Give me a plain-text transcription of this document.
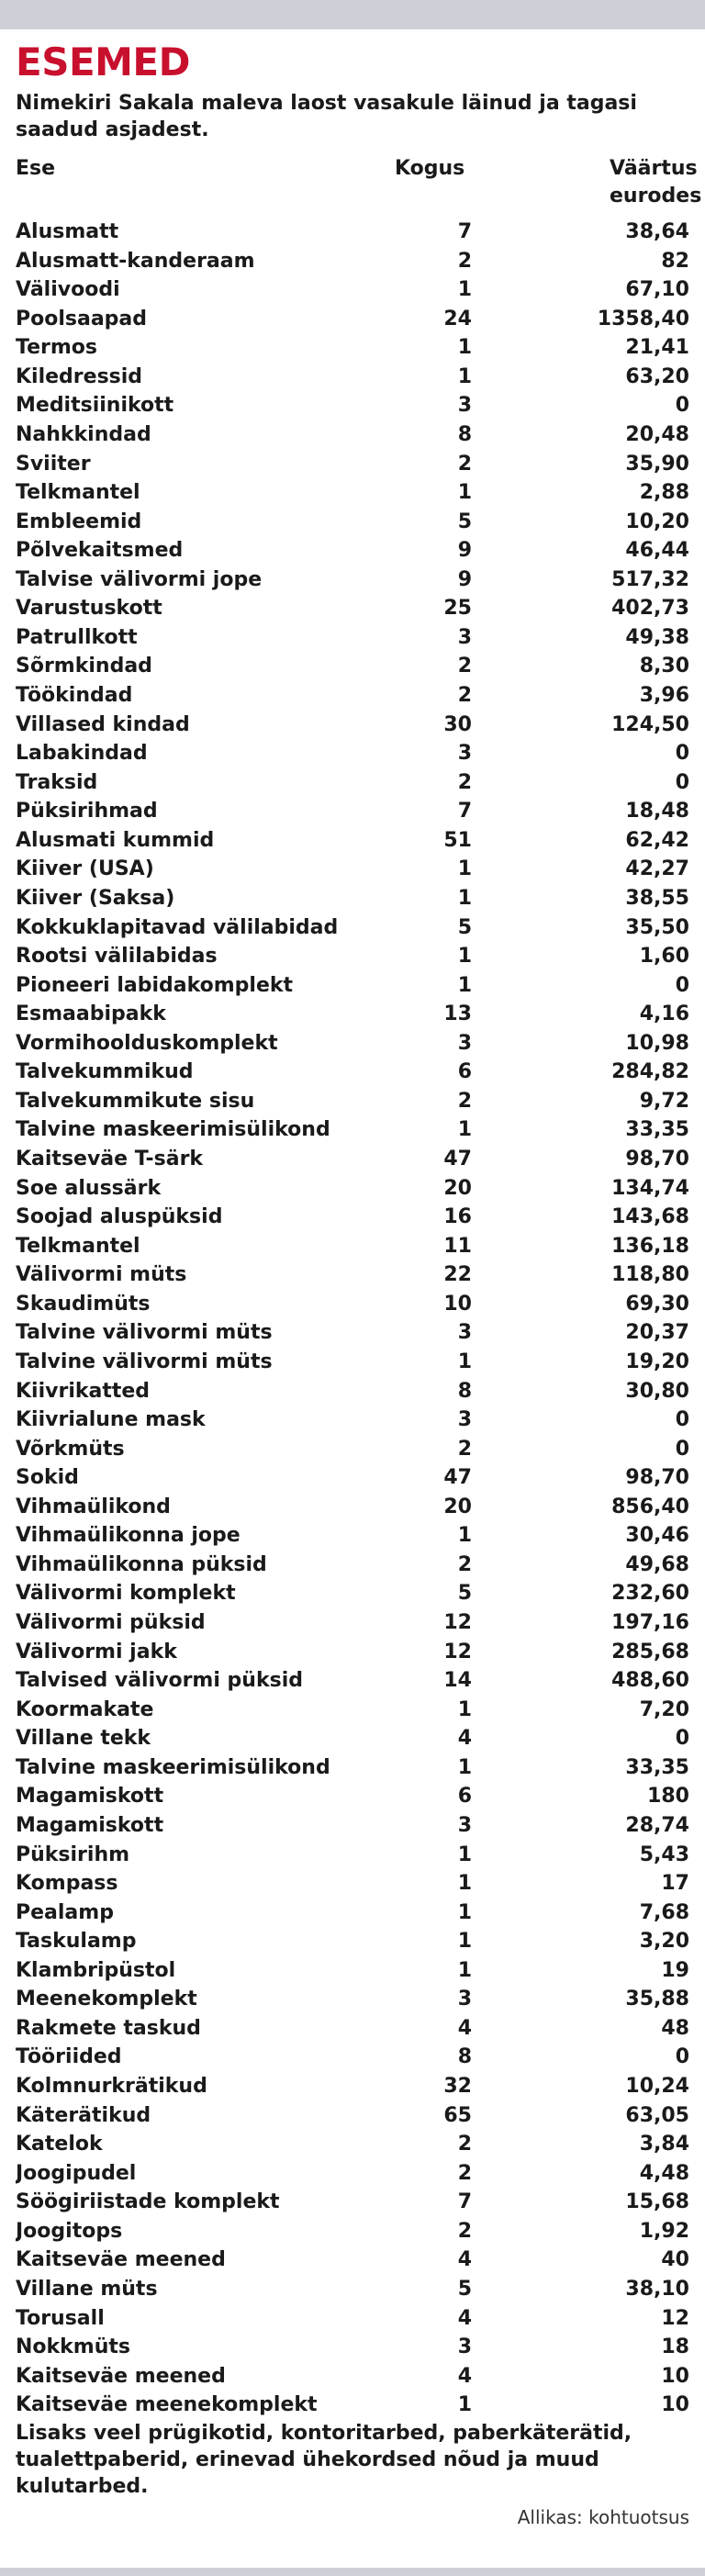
ESEMED
Nimekiri Sakala maleva laost vasakule läinud ja tagasi saadud asjadest.
Ese	Kogus	Väärtus
eurodes
Alusmatt	7	38,64
Alusmatt-kanderaam	2	82
Välivoodi	1	67,10
Poolsaapad	24	1358,40
Termos	1	21,41
Kiledressid	1	63,20
Meditsiinikott	3	0
Nahkkindad	8	20,48
Sviiter	2	35,90
Telkmantel	1	2,88
Embleemid	5	10,20
Põlvekaitsmed	9	46,44
Talvise välivormi jope	9	517,32
Varustuskott	25	402,73
Patrullkott	3	49,38
Sõrmkindad	2	8,30
Töökindad	2	3,96
Villased kindad	30	124,50
Labakindad	3	0
Traksid	2	0
Püksirihmad	7	18,48
Alusmati kummid	51	62,42
Kiiver (USA)	1	42,27
Kiiver (Saksa)	1	38,55
Kokkuklapitavad välilabidad	5	35,50
Rootsi välilabidas	1	1,60
Pioneeri labidakomplekt	1	0
Esmaabipakk	13	4,16
Vormihoolduskomplekt	3	10,98
Talvekummikud	6	284,82
Talvekummikute sisu	2	9,72
Talvine maskeerimisülikond	1	33,35
Kaitseväe T-särk	47	98,70
Soe alussärk	20	134,74
Soojad aluspüksid	16	143,68
Telkmantel	11	136,18
Välivormi müts	22	118,80
Skaudimüts	10	69,30
Talvine välivormi müts	3	20,37
Talvine välivormi müts	1	19,20
Kiivrikatted	8	30,80
Kiivrialune mask	3	0
Võrkmüts	2	0
Sokid	47	98,70
Vihmaülikond	20	856,40
Vihmaülikonna jope	1	30,46
Vihmaülikonna püksid	2	49,68
Välivormi komplekt	5	232,60
Välivormi püksid	12	197,16
Välivormi jakk	12	285,68
Talvised välivormi püksid	14	488,60
Koormakate	1	7,20
Villane tekk	4	0
Talvine maskeerimisülikond	1	33,35
Magamiskott	6	180
Magamiskott	3	28,74
Püksirihm	1	5,43
Kompass	1	17
Pealamp	1	7,68
Taskulamp	1	3,20
Klambripüstol	1	19
Meenekomplekt	3	35,88
Rakmete taskud	4	48
Tööriided	8	0
Kolmnurkrätikud	32	10,24
Käterätikud	65	63,05
Katelok	2	3,84
Joogipudel	2	4,48
Söögiriistade komplekt	7	15,68
Joogitops	2	1,92
Kaitseväe meened	4	40
Villane müts	5	38,10
Torusall	4	12
Nokkmüts	3	18
Kaitseväe meened	4	10
Kaitseväe meenekomplekt	1	10
Lisaks veel prügikotid, kontoritarbed, paberkäterätid, tualettpaberid, erinevad ühekordsed nõud ja muud kulutarbed.
Allikas: kohtuotsus
